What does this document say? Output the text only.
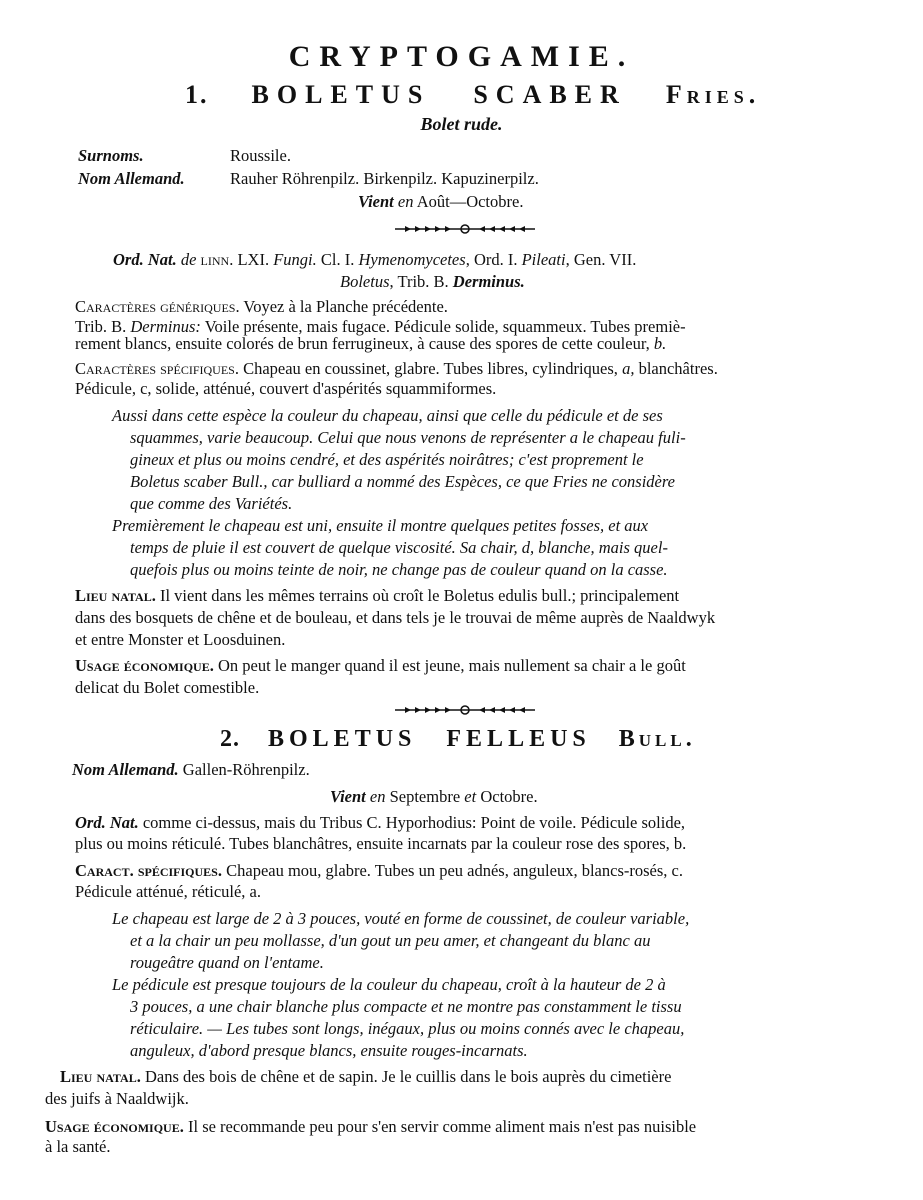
CRYPTOGAMIE.
1. BOLETUS SCABER Fries.
Bolet rude.
Surnoms.	Roussile.
Nom Allemand.	Rauher Röhrenpilz. Birkenpilz. Kapuzinerpilz.
Vient en Août—Octobre.
Ord. Nat. de linn. LXI. Fungi. Cl. I. Hymenomycetes, Ord. I. Pileati, Gen. VII.
Boletus, Trib. B. Derminus.
Caractères génériques. Voyez à la Planche précédente.
Trib. B. Derminus: Voile présente, mais fugace. Pédicule solide, squammeux. Tubes premiè-
rement blancs, ensuite colorés de brun ferrugineux, à cause des spores de cette couleur, b.
Caractères spécifiques. Chapeau en coussinet, glabre. Tubes libres, cylindriques, a, blanchâtres.
Pédicule, c, solide, atténué, couvert d'aspérités squammiformes.
Aussi dans cette espèce la couleur du chapeau, ainsi que celle du pédicule et de ses
squammes, varie beaucoup. Celui que nous venons de représenter a le chapeau fuli-
gineux et plus ou moins cendré, et des aspérités noirâtres; c'est proprement le
Boletus scaber Bull., car bulliard a nommé des Espèces, ce que Fries ne considère
que comme des Variétés.
Premièrement le chapeau est uni, ensuite il montre quelques petites fosses, et aux
temps de pluie il est couvert de quelque viscosité. Sa chair, d, blanche, mais quel-
quefois plus ou moins teinte de noir, ne change pas de couleur quand on la casse.
Lieu natal. Il vient dans les mêmes terrains où croît le Boletus edulis bull.; principalement
dans des bosquets de chêne et de bouleau, et dans tels je le trouvai de même auprès de Naaldwyk
et entre Monster et Loosduinen.
Usage économique. On peut le manger quand il est jeune, mais nullement sa chair a le goût
delicat du Bolet comestible.
2. BOLETUS FELLEUS Bull.
Nom Allemand. Gallen-Röhrenpilz.
Vient en Septembre et Octobre.
Ord. Nat. comme ci-dessus, mais du Tribus C. Hyporhodius: Point de voile. Pédicule solide,
plus ou moins réticulé. Tubes blanchâtres, ensuite incarnats par la couleur rose des spores, b.
Caract. spécifiques. Chapeau mou, glabre. Tubes un peu adnés, anguleux, blancs-rosés, c.
Pédicule atténué, réticulé, a.
Le chapeau est large de 2 à 3 pouces, vouté en forme de coussinet, de couleur variable,
et a la chair un peu mollasse, d'un gout un peu amer, et changeant du blanc au
rougeâtre quand on l'entame.
Le pédicule est presque toujours de la couleur du chapeau, croît à la hauteur de 2 à
3 pouces, a une chair blanche plus compacte et ne montre pas constamment le tissu
réticulaire. — Les tubes sont longs, inégaux, plus ou moins connés avec le chapeau,
anguleux, d'abord presque blancs, ensuite rouges-incarnats.
Lieu natal. Dans des bois de chêne et de sapin. Je le cuillis dans le bois auprès du cimetière
des juifs à Naaldwijk.
Usage économique. Il se recommande peu pour s'en servir comme aliment mais n'est pas nuisible
à la santé.
